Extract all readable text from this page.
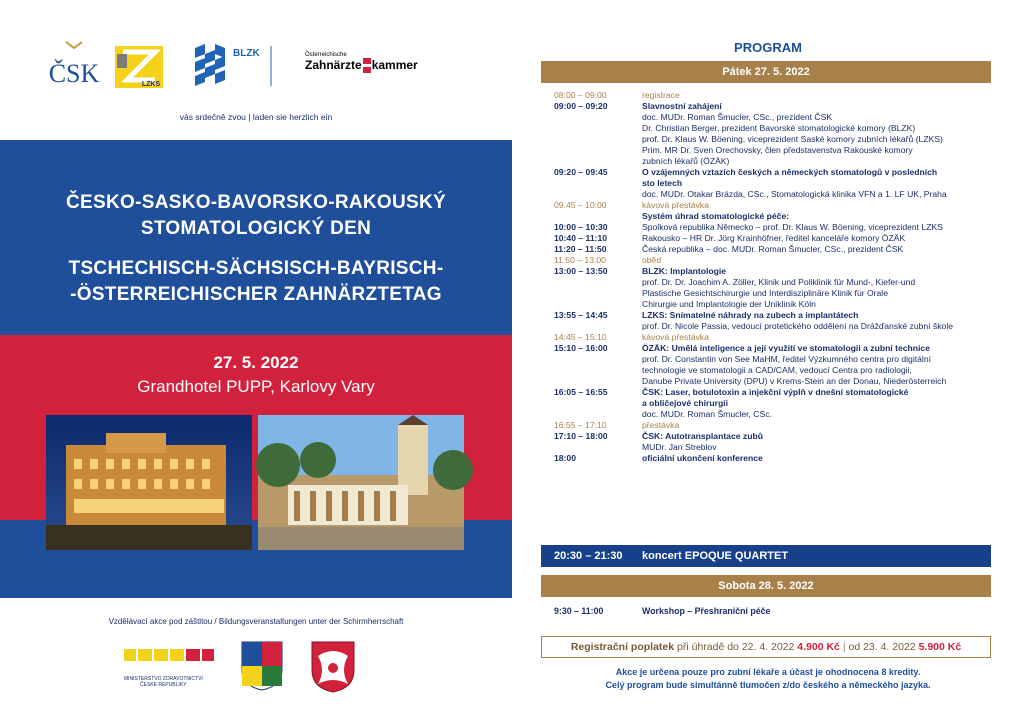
ČSK	LZKS
BLZK	Österreichische
Zahnärzte kammer
vás srdečně zvou | laden sie herzlich ein
ČESKO-SASKO-BAVORSKO-RAKOUSKÝ
STOMATOLOGICKÝ DEN
TSCHECHISCH-SÄCHSISCH-BAYRISCH-
-ÖSTERREICHISCHER ZAHNÄRZTETAG
27. 5. 2022
Grandhotel PUPP, Karlovy Vary
Vzdělávací akce pod záštitou / Bildungsveranstaltungen unter der Schirmherrschaft
MINISTERSTVO ZDRAVOTNICTVÍ
ČESKÉ REPUBLIKY
PROGRAM
Pátek 27. 5. 2022
08:00 – 09:00	registrace
09:00 – 09:20	Slavnostní zahájení
doc. MUDr. Roman Šmucler, CSc., prezident ČSK
Dr. Christian Berger, prezident Bavorské stomatologické komory (BLZK)
prof. Dr. Klaus W. Böening, viceprezident Saské komory zubních lékařů (LZKS)
Prim. MR Dr. Sven Orechovsky, člen představenstva Rakouské komory
zubních lékařů (ÖZÄK)
09:20 – 09:45	O vzájemných vztazích českých a německých stomatologů v posledních
sto letech
doc. MUDr. Otakar Brázda, CSc., Stomatologická klinika VFN a 1. LF UK, Praha
09:45 – 10:00	kávová přestávka
Systém úhrad stomatologické péče:
10:00 – 10:30	Spolková republika Německo – prof. Dr. Klaus W. Böening, viceprezident LZKS
10:40 – 11:10	Rakousko – HR Dr. Jörg Krainhöfner, ředitel kanceláře komory ÖZÄK
11:20 – 11:50	Česká republika – doc. MUDr. Roman Šmucler, CSc., prezident ČSK
11:50 – 13:00	oběd
13:00 – 13:50	BLZK: Implantologie
prof. Dr. Dr. Joachim A. Zöller, Klinik und Poliklinik für Mund-, Kiefer-und
Plastische Gesichtschirurgie und Interdisziplinäre Klinik für Orale
Chirurgie und Implantologie der Uniklinik Köln
13:55 – 14:45	LZKS: Snímatelné náhrady na zubech a implantátech
prof. Dr. Nicole Passia, vedoucí protetického oddělení na Drážďanské zubní škole
14:45 – 15:10	kávová přestávka
15:10 – 16:00	ÖZÄK: Umělá inteligence a její využití ve stomatologii a zubní technice
prof. Dr. Constantin von See MaHM, ředitel Výzkumného centra pro digitální
technologie ve stomatologii a CAD/CAM, vedoucí Centra pro radiologii,
Danube Private University (DPU) v Krems-Stein an der Donau, Niederösterreich
16:05 – 16:55	ČSK: Laser, botulotoxin a injekční výplň v dnešní stomatologické
a obličejové chirurgii
doc. MUDr. Roman Šmucler, CSc.
16:55 – 17:10	přestávka
17:10 – 18:00	ČSK: Autotransplantace zubů
MUDr. Jan Streblov
18:00	oficiální ukončení konference
20:30 – 21:30 koncert EPOQUE QUARTET
Sobota 28. 5. 2022
9:30 – 11:00	Workshop – Přeshraniční péče
Registrační poplatek při úhradě do 22. 4. 2022 4.900 Kč | od 23. 4. 2022 5.900 Kč
Akce je určena pouze pro zubní lékaře a účast je ohodnocena 8 kredity.
Celý program bude simultánně tlumočen z/do českého a německého jazyka.
